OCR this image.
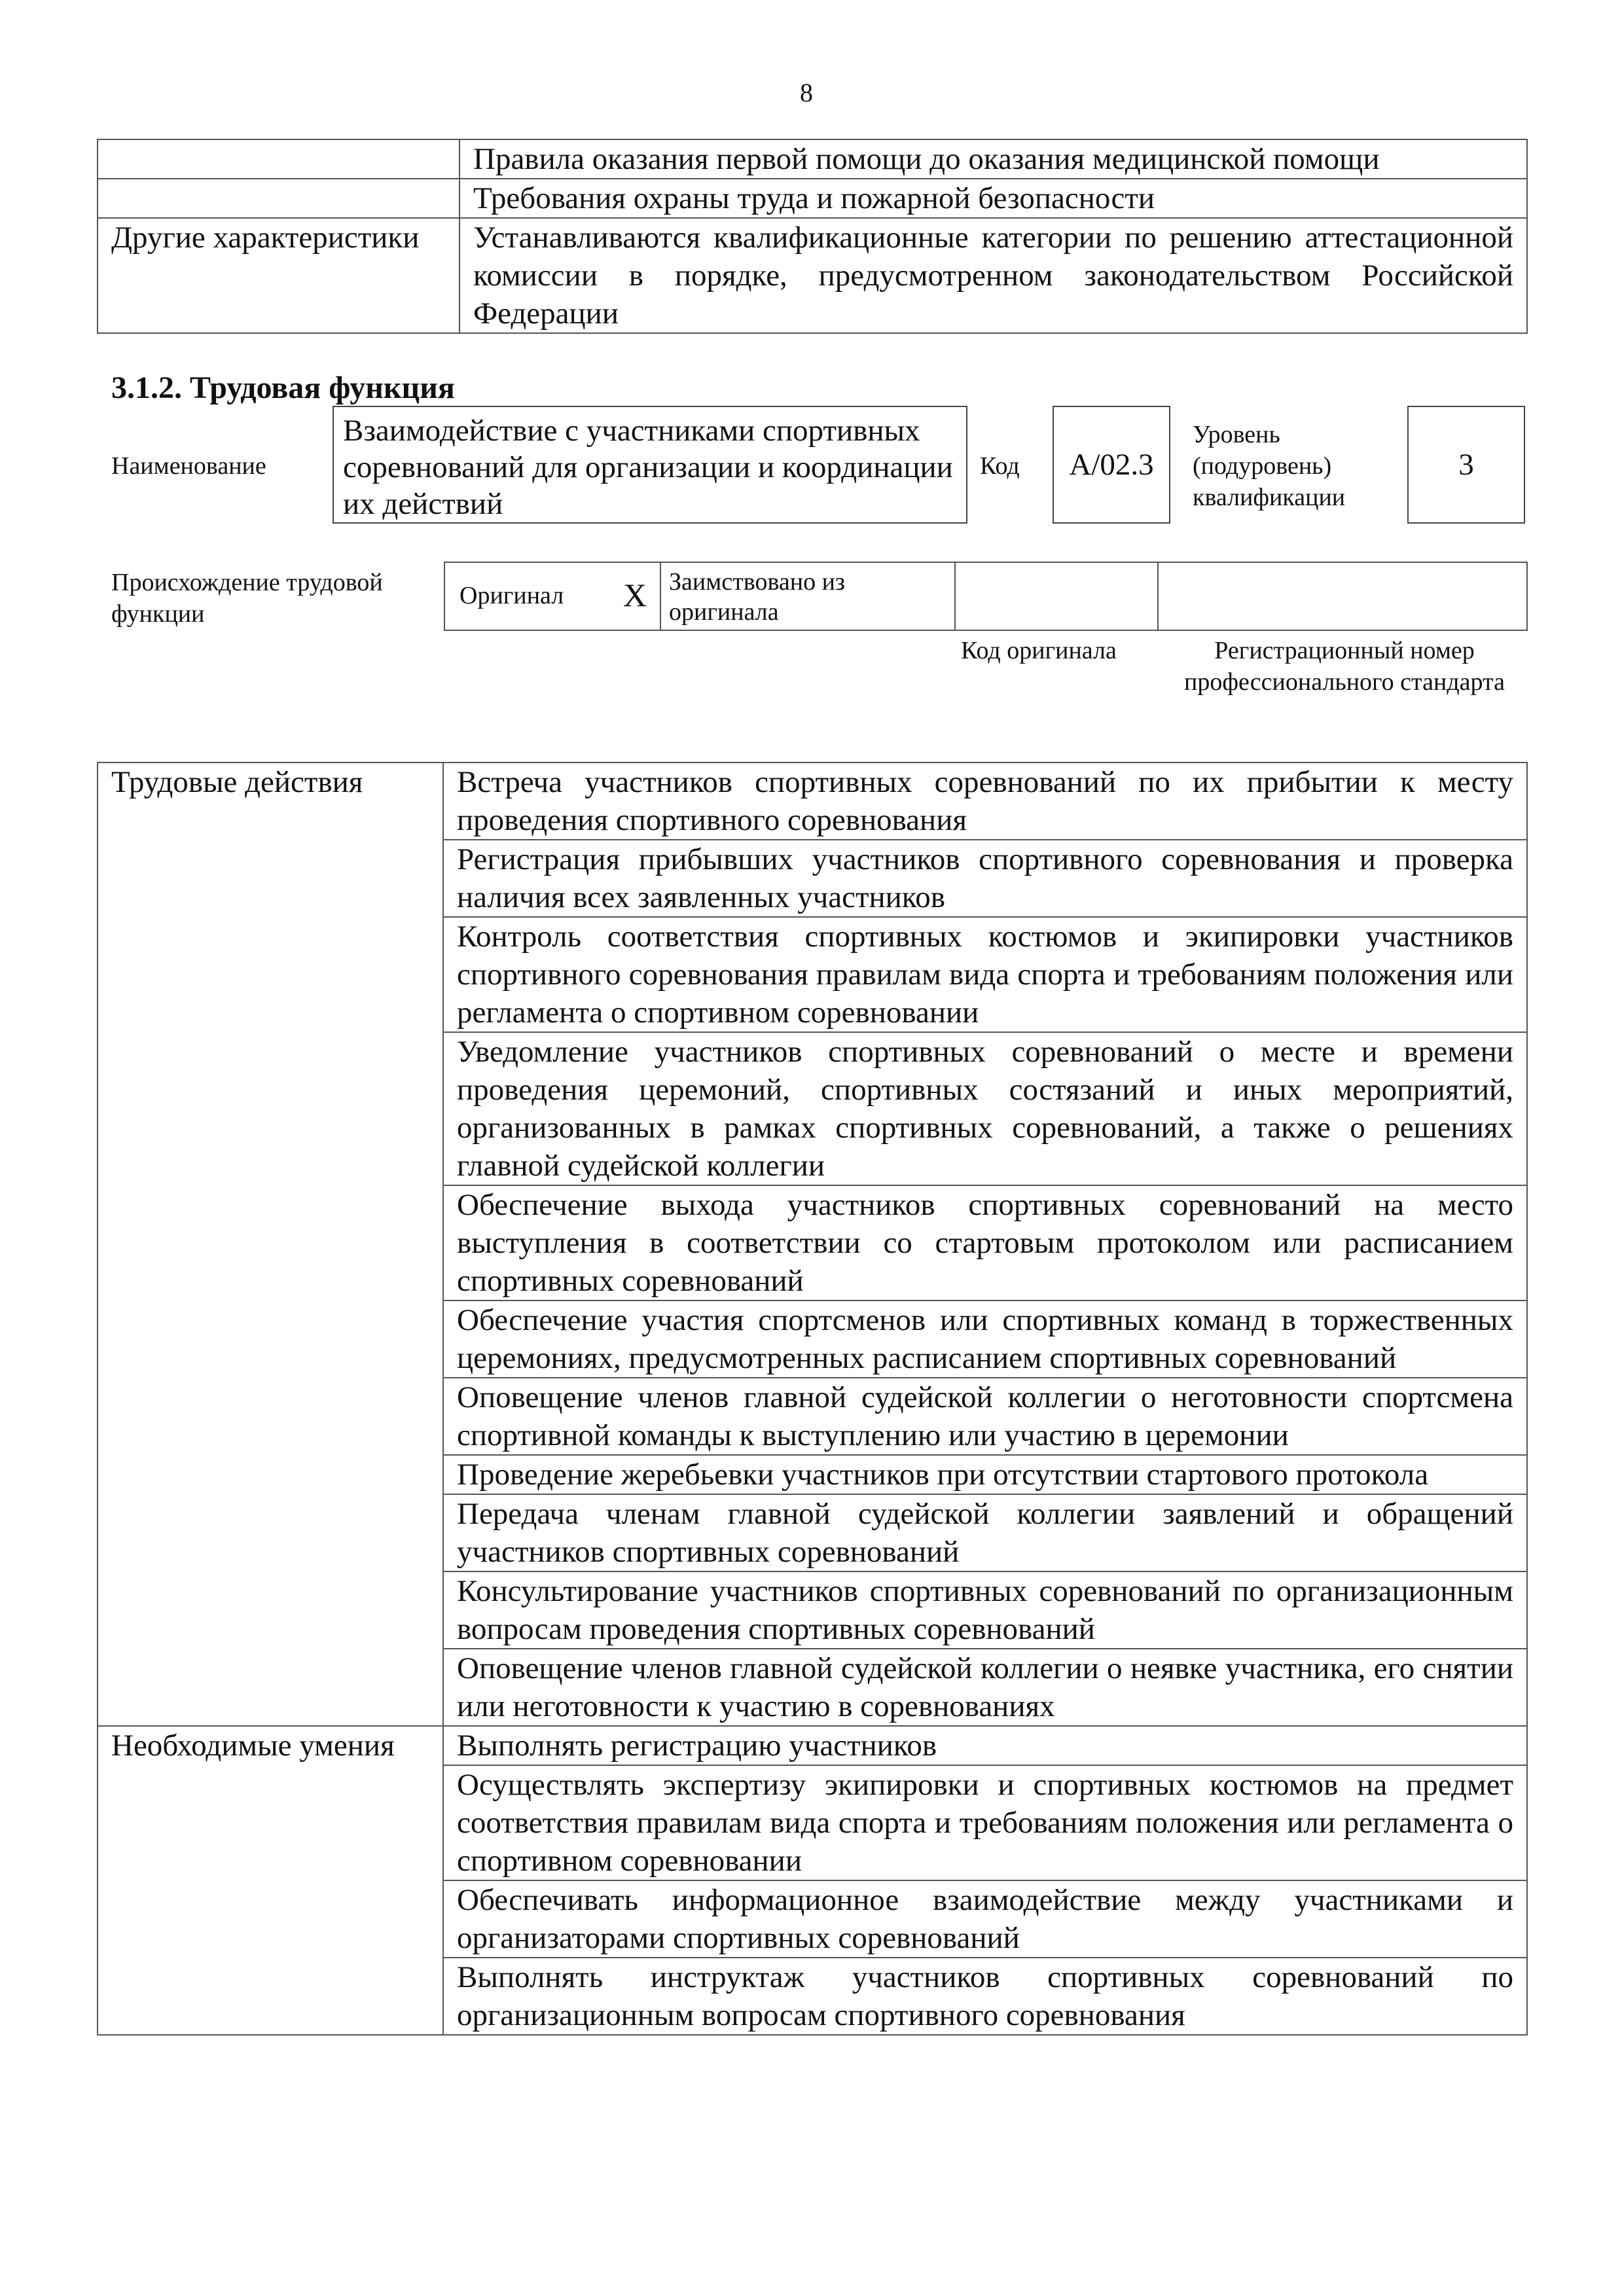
8
	Правила оказания первой помощи до оказания медицинской помощи
	Требования охраны труда и пожарной безопасности
Другие характеристики	Устанавливаются квалификационные категории по решению аттестационной комиссии в порядке, предусмотренном законодательством Российской Федерации
3.1.2. Трудовая функция
Наименование
Взаимодействие с участниками спортивных соревнований для организации и координации их действий
Код	A/02.3
Уровень (подуровень) квалификации
3
Происхождение трудовой функции
Оригинал X Заимствовано из оригинала
Код оригинала	Регистрационный номер профессионального стандарта
Трудовые действия	Встреча участников спортивных соревнований по их прибытии к месту проведения спортивного соревнования
	Регистрация прибывших участников спортивного соревнования и проверка наличия всех заявленных участников
	Контроль соответствия спортивных костюмов и экипировки участников спортивного соревнования правилам вида спорта и требованиям положения или регламента о спортивном соревновании
	Уведомление участников спортивных соревнований о месте и времени проведения церемоний, спортивных состязаний и иных мероприятий, организованных в рамках спортивных соревнований, а также о решениях главной судейской коллегии
	Обеспечение выхода участников спортивных соревнований на место выступления в соответствии со стартовым протоколом или расписанием спортивных соревнований
	Обеспечение участия спортсменов или спортивных команд в торжественных церемониях, предусмотренных расписанием спортивных соревнований
	Оповещение членов главной судейской коллегии о неготовности спортсмена спортивной команды к выступлению или участию в церемонии
	Проведение жеребьевки участников при отсутствии стартового протокола
	Передача членам главной судейской коллегии заявлений и обращений участников спортивных соревнований
	Консультирование участников спортивных соревнований по организационным вопросам проведения спортивных соревнований
	Оповещение членов главной судейской коллегии о неявке участника, его снятии или неготовности к участию в соревнованиях
Необходимые умения	Выполнять регистрацию участников
	Осуществлять экспертизу экипировки и спортивных костюмов на предмет соответствия правилам вида спорта и требованиям положения или регламента о спортивном соревновании
	Обеспечивать информационное взаимодействие между участниками и организаторами спортивных соревнований
	Выполнять инструктаж участников спортивных соревнований по организационным вопросам спортивного соревнования
